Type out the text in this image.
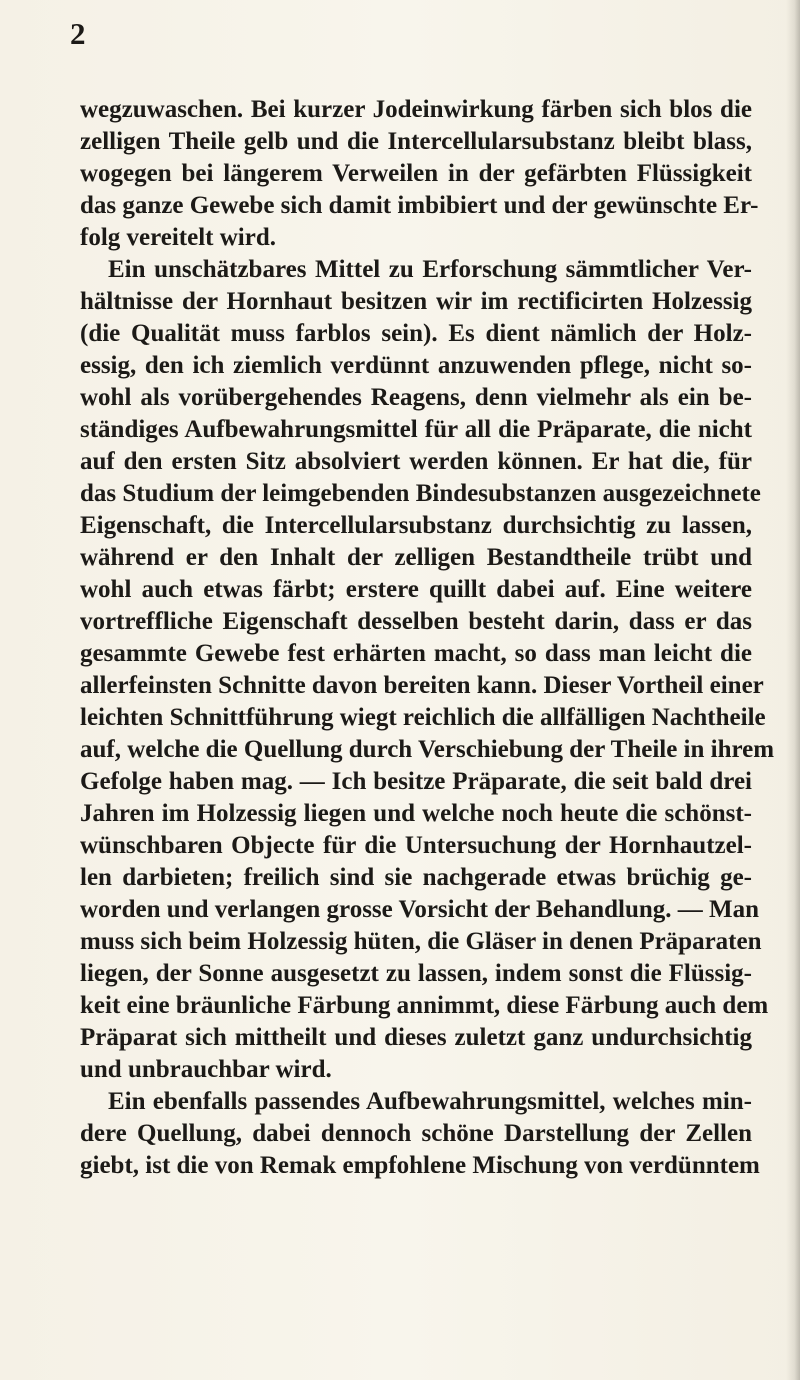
2
wegzuwaschen. Bei kurzer Jodeinwirkung färben sich blos die
zelligen Theile gelb und die Intercellularsubstanz bleibt blass,
wogegen bei längerem Verweilen in der gefärbten Flüssigkeit
das ganze Gewebe sich damit imbibiert und der gewünschte Er-
folg vereitelt wird.
Ein unschätzbares Mittel zu Erforschung sämmtlicher Ver-
hältnisse der Hornhaut besitzen wir im rectificirten Holzessig
(die Qualität muss farblos sein). Es dient nämlich der Holz-
essig, den ich ziemlich verdünnt anzuwenden pflege, nicht so-
wohl als vorübergehendes Reagens, denn vielmehr als ein be-
ständiges Aufbewahrungsmittel für all die Präparate, die nicht
auf den ersten Sitz absolviert werden können. Er hat die, für
das Studium der leimgebenden Bindesubstanzen ausgezeichnete
Eigenschaft, die Intercellularsubstanz durchsichtig zu lassen,
während er den Inhalt der zelligen Bestandtheile trübt und
wohl auch etwas färbt; erstere quillt dabei auf. Eine weitere
vortreffliche Eigenschaft desselben besteht darin, dass er das
gesammte Gewebe fest erhärten macht, so dass man leicht die
allerfeinsten Schnitte davon bereiten kann. Dieser Vortheil einer
leichten Schnittführung wiegt reichlich die allfälligen Nachtheile
auf, welche die Quellung durch Verschiebung der Theile in ihrem
Gefolge haben mag. — Ich besitze Präparate, die seit bald drei
Jahren im Holzessig liegen und welche noch heute die schönst-
wünschbaren Objecte für die Untersuchung der Hornhautzel-
len darbieten; freilich sind sie nachgerade etwas brüchig ge-
worden und verlangen grosse Vorsicht der Behandlung. — Man
muss sich beim Holzessig hüten, die Gläser in denen Präparaten
liegen, der Sonne ausgesetzt zu lassen, indem sonst die Flüssig-
keit eine bräunliche Färbung annimmt, diese Färbung auch dem
Präparat sich mittheilt und dieses zuletzt ganz undurchsichtig
und unbrauchbar wird.
Ein ebenfalls passendes Aufbewahrungsmittel, welches min-
dere Quellung, dabei dennoch schöne Darstellung der Zellen
giebt, ist die von Remak empfohlene Mischung von verdünntem
